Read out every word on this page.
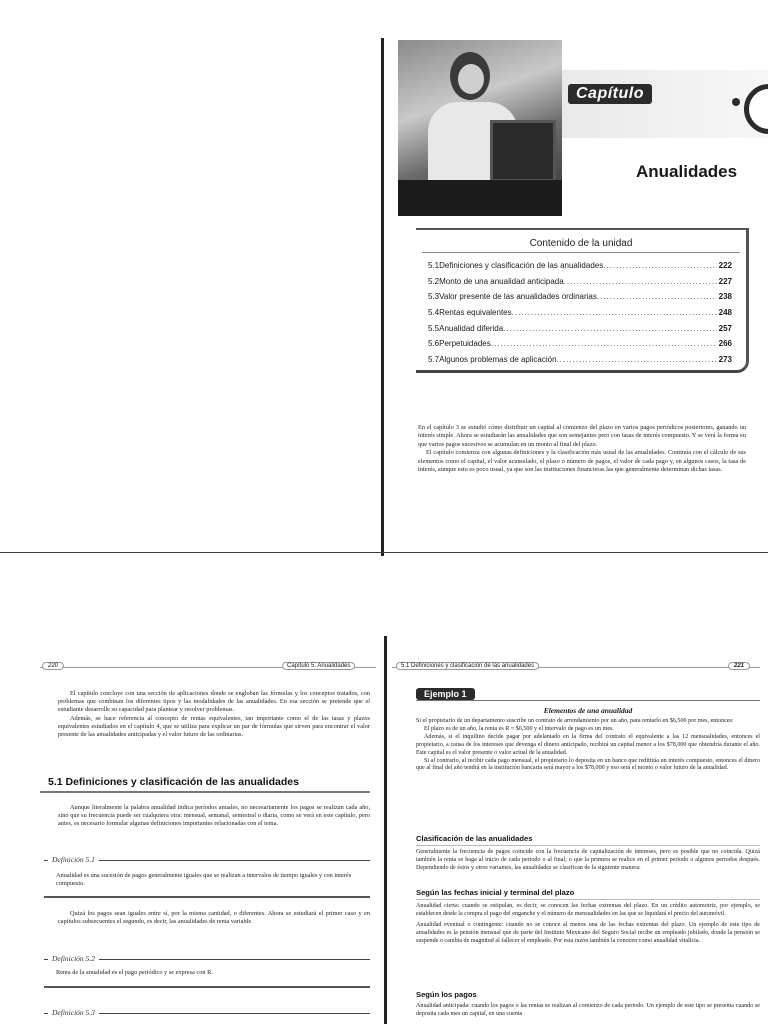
Capítulo
Anualidades
Contenido de la unidad
5.1 Definiciones y clasificación de las anualidades .....	222
5.2 Monto de una anualidad anticipada .....	227
5.3 Valor presente de las anualidades ordinarias .....	238
5.4 Rentas equivalentes .....	248
5.5 Anualidad diferida .....	257
5.6 Perpetuidades .....	266
5.7 Algunos problemas de aplicación .....	273

En el capítulo 3 se estudió cómo distribuir un capital al comienzo del plazo en varios pagos periódicos posteriores, ganando un interés simple. Ahora se estudiarán las anualidades que son semejantes pero con tasas de interés compuesto. Y se verá la forma en que varios pagos sucesivos se acumulan en un monto al final del plazo.

El capítulo comienza con algunas definiciones y la clasificación más usual de las anualidades. Continúa con el cálculo de sus elementos como el capital, el valor acumulado, el plazo o número de pagos, el valor de cada pago y, en algunos casos, la tasa de interés, aunque esto es poco usual, ya que son las instituciones financieras las que generalmente determinan dichas tasas.

220	Capítulo 5: Anualidades

El capítulo concluye con una sección de aplicaciones donde se engloban las fórmulas y los conceptos tratados, con problemas que combinan los diferentes tipos y las modalidades de las anualidades. En esa sección se pretende que el estudiante desarrolle su capacidad para plantear y resolver problemas.

Además, se hace referencia al concepto de rentas equivalentes, tan importante como el de las tasas y plazos equivalentes estudiados en el capítulo 4, que se utiliza para explicar un par de fórmulas que sirven para encontrar el valor presente de las anualidades anticipadas y el valor futuro de las ordinarias.

5.1 Definiciones y clasificación de las anualidades

Aunque literalmente la palabra anualidad indica períodos anuales, no necesariamente los pagos se realizan cada año, sino que su frecuencia puede ser cualquiera otra: mensual, semanal, semestral o diaria, como se verá en este capítulo, pero antes, es necesario formular algunas definiciones importantes relacionadas con el tema.

Definición 5.1
Anualidad es una sucesión de pagos generalmente iguales que se realizan a intervalos de tiempo iguales y con interés compuesto.

Quizá los pagos sean iguales entre sí, por la misma cantidad, o diferentes. Ahora se estudiará el primer caso y en capítulos subsecuentes el segundo, es decir, las anualidades de renta variable.

Definición 5.2
Renta de la anualidad es el pago periódico y se expresa con R.
Definición 5.3
5.1 Definiciones y clasificación de las anualidades	221
Ejemplo 1
Elementos de una anualidad

Si el propietario de un departamento suscribe un contrato de arrendamiento por un año, para rentarlo en $6,500 por mes, entonces:

El plazo es de un año, la renta es R = $6,500 y el intervalo de pago es un mes.

Además, si el inquilino decide pagar por adelantado en la firma del contrato el equivalente a las 12 mensualidades, entonces el propietario, a causa de los intereses que devenga el dinero anticipado, recibirá un capital menor a los $78,000 que obtendría durante el año. Este capital es el valor presente o valor actual de la anualidad.

Si al contrario, al recibir cada pago mensual, el propietario lo deposita en un banco que redititúa un interés compuesto, entonces el dinero que al final del año tendrá en la institución bancaria será mayor a los $78,000 y eso será el monto o valor futuro de la anualidad.

Clasificación de las anualidades

Generalmente la frecuencia de pagos coincide con la frecuencia de capitalización de intereses, pero es posible que no coincida. Quizá también la renta se haga al inicio de cada periodo o al final; o que la primera se realice en el primer periodo o algunos periodos después. Dependiendo de éstos y otros variantes, las anualidades se clasifican de la siguiente manera:

Según las fechas inicial y terminal del plazo

Anualidad cierta: cuando se estipulan, es decir, se conocen las fechas extremas del plazo. En un crédito automotriz, por ejemplo, se establecen desde la compra el pago del enganche y el número de mensualidades en las que se liquidará el precio del automóvil.

Anualidad eventual o contingente: cuando no se conoce al menos una de las fechas extremas del plazo. Un ejemplo de este tipo de anualidades es la pensión mensual que de parte del Instituto Mexicano del Seguro Social recibe un empleado jubilado, donde la pensión se suspende o cambia de magnitud al fallecer el empleado. Por esta razón también la conocen como anualidad vitalicia.

Según los pagos

Anualidad anticipada: cuando los pagos o las rentas se realizan al comienzo de cada periodo. Un ejemplo de este tipo se presenta cuando se deposita cada mes un capital, en una cuenta
